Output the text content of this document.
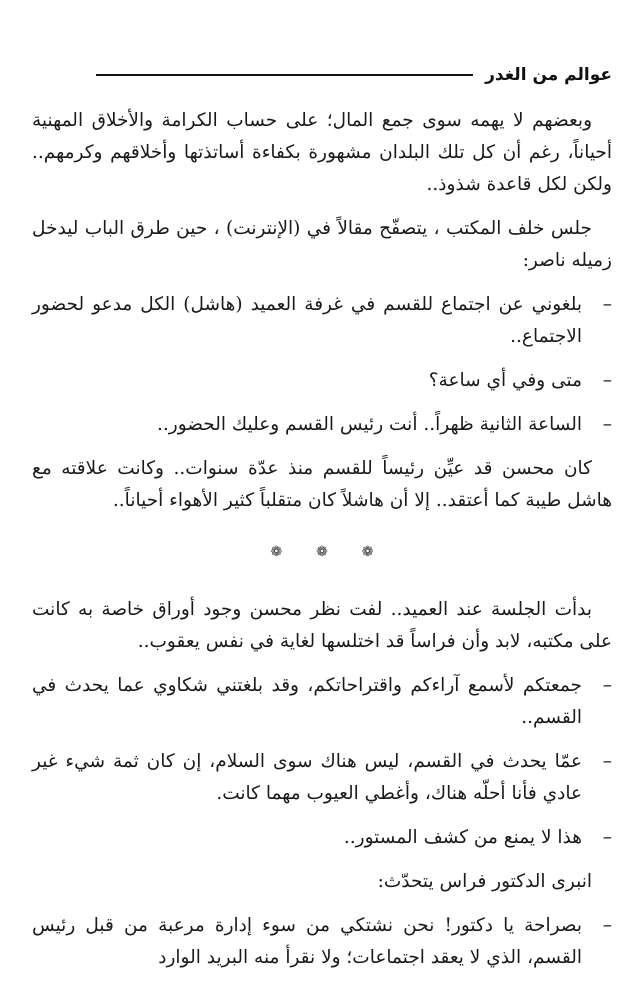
عوالم من الغدر

وبعضهم لا يهمه سوى جمع المال؛ على حساب الكرامة والأخلاق المهنية أحياناً، رغم أن كل تلك البلدان مشهورة بكفاءة أساتذتها وأخلاقهم وكرمهم.. ولكن لكل قاعدة شذوذ..

جلس خلف المكتب ، يتصفّح مقالاً في (الإنترنت) ، حين طرق الباب ليدخل زميله ناصر:

–
بلغوني عن اجتماع للقسم في غرفة العميد (هاشل) الكل مدعو لحضور الاجتماع..

–
متى وفي أي ساعة؟

–
الساعة الثانية ظهراً.. أنت رئيس القسم وعليك الحضور..

كان محسن قد عيِّن رئيساً للقسم منذ عدّة سنوات.. وكانت علاقته مع هاشل طيبة كما أعتقد.. إلا أن هاشلاً كان متقلباً كثير الأهواء أحياناً..

❁ ❁ ❁

بدأت الجلسة عند العميد.. لفت نظر محسن وجود أوراق خاصة به كانت على مكتبه، لابد وأن فراساً قد اختلسها لغاية في نفس يعقوب..

–
جمعتكم لأسمع آراءكم واقتراحاتكم، وقد بلغتني شكاوي عما يحدث في القسم..

–
عمّا يحدث في القسم، ليس هناك سوى السلام، إن كان ثمة شيء غير عادي فأنا أحلّه هناك، وأغطي العيوب مهما كانت.

–
هذا لا يمنع من كشف المستور..

انبرى الدكتور فراس يتحدّث:

–
بصراحة يا دكتور! نحن نشتكي من سوء إدارة مرعبة من قبل رئيس القسم، الذي لا يعقد اجتماعات؛ ولا نقرأ منه البريد الوارد
